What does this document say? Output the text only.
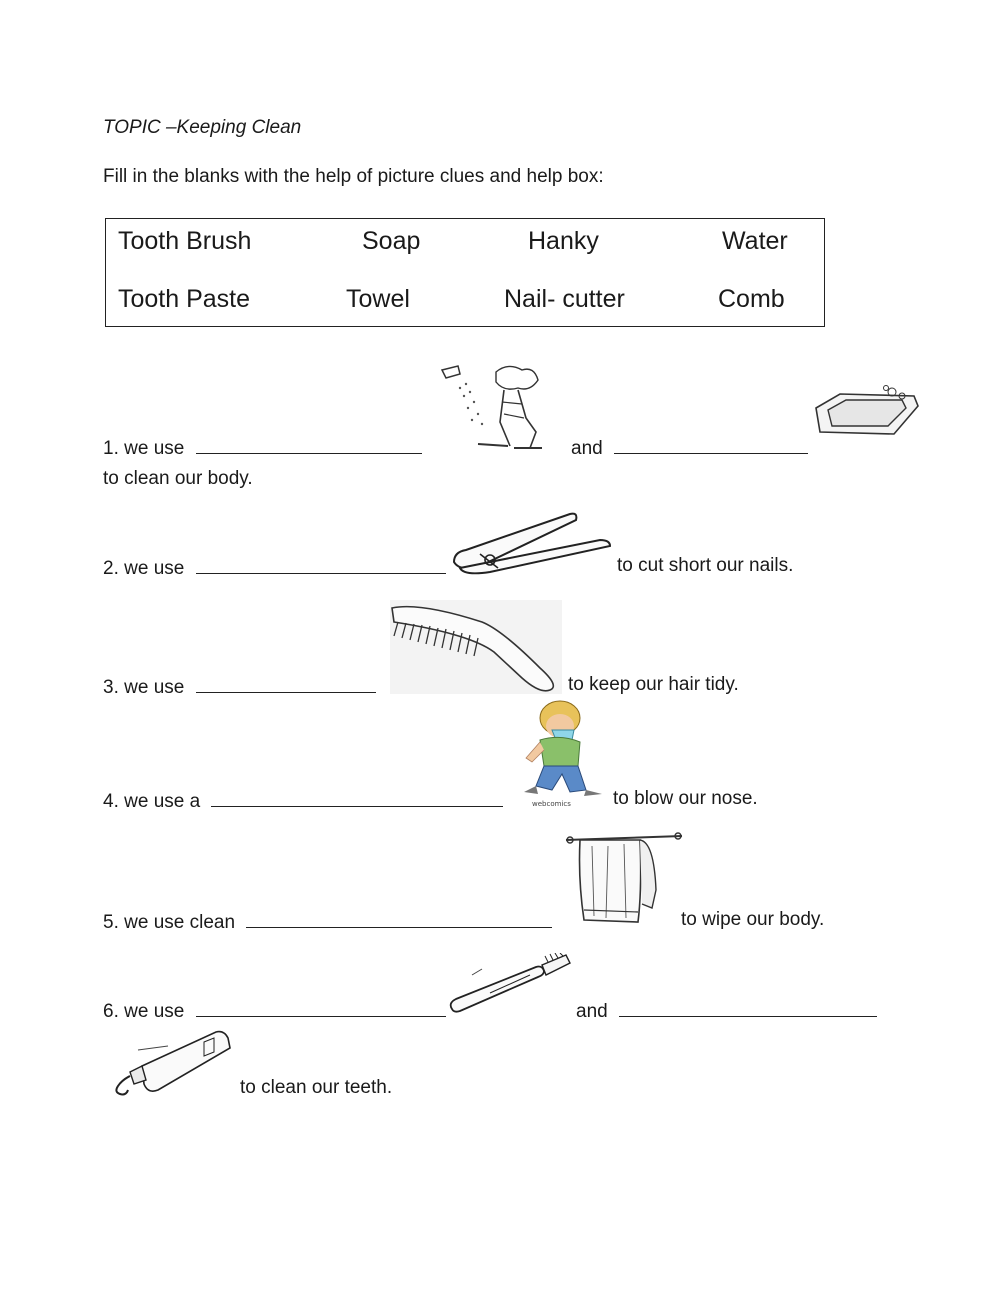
TOPIC –Keeping Clean
Fill in the blanks with the help of picture clues and help box:
Tooth Brush	Soap	Hanky	Water
Tooth Paste	Towel	Nail- cutter	Comb
1. we use	and
to clean our body.
2. we use	to cut short our nails.
3. we use	to keep our hair tidy.
4. we use a	webcomics to blow our nose.
5. we use clean	to wipe our body.
6. we use	and
to clean our teeth.
